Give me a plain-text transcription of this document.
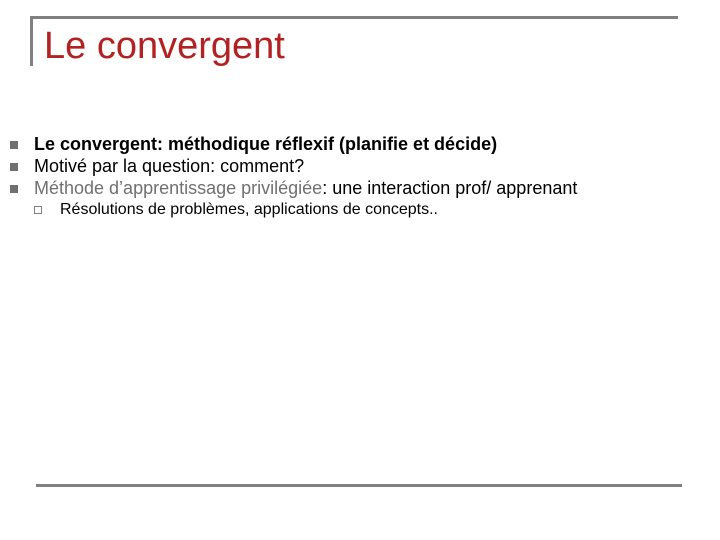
Le convergent
Le convergent: méthodique réflexif (planifie et décide)
Motivé par la question: comment?
Méthode d’apprentissage privilégiée: une interaction prof/ apprenant
Résolutions de problèmes, applications de concepts..
